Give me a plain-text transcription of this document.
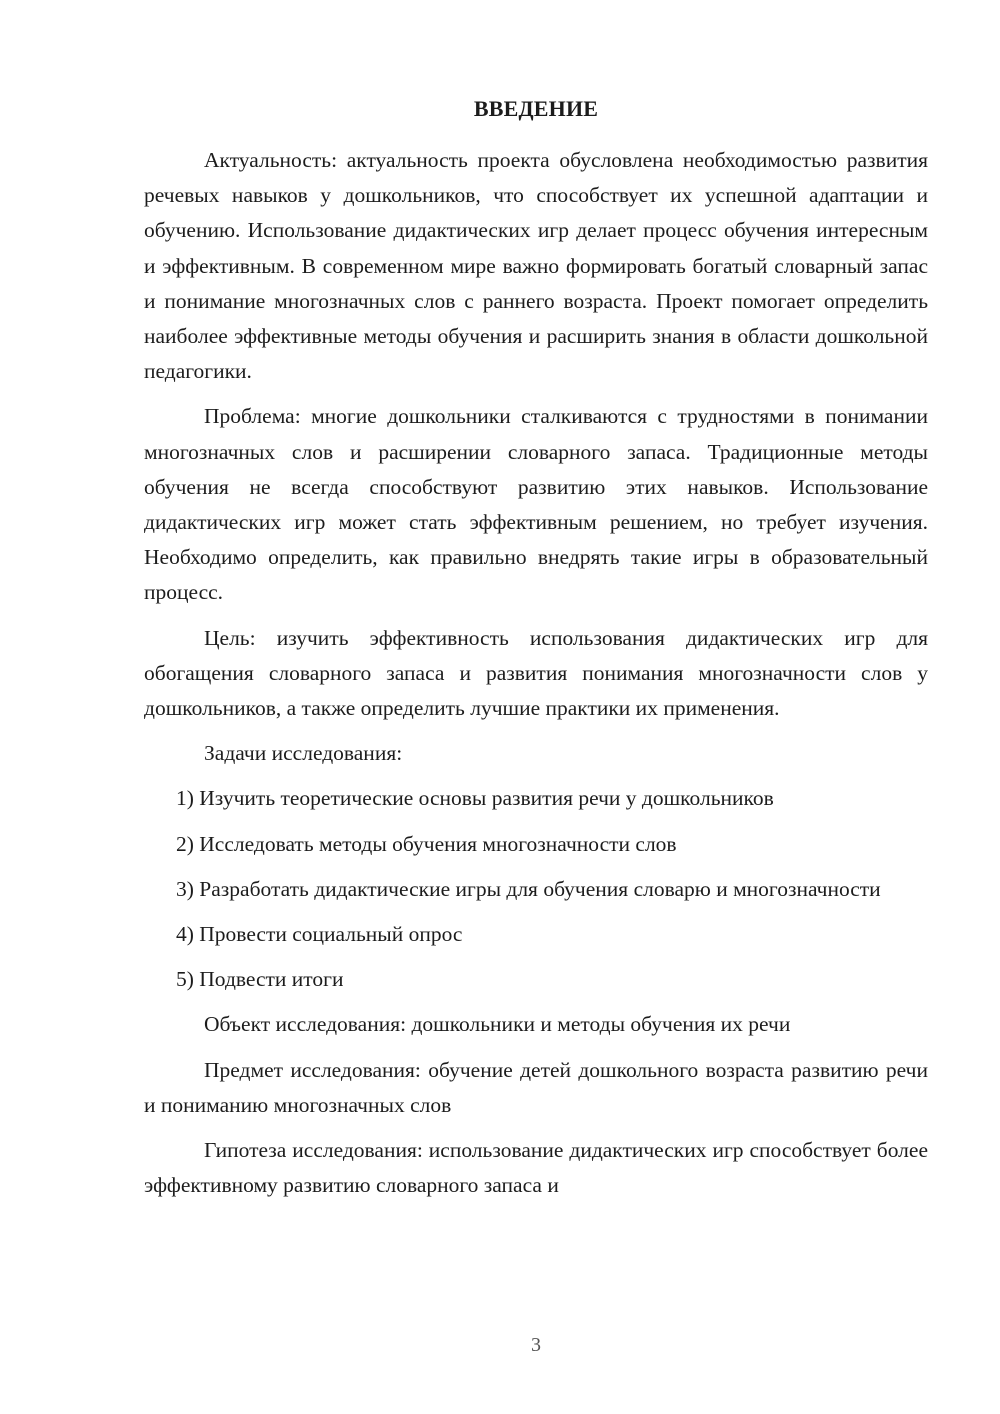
ВВЕДЕНИЕ

Актуальность: актуальность проекта обусловлена необходимостью развития речевых навыков у дошкольников, что способствует их успешной адаптации и обучению. Использование дидактических игр делает процесс обучения интересным и эффективным. В современном мире важно формировать богатый словарный запас и понимание многозначных слов с раннего возраста. Проект помогает определить наиболее эффективные методы обучения и расширить знания в области дошкольной педагогики.

Проблема: многие дошкольники сталкиваются с трудностями в понимании многозначных слов и расширении словарного запаса. Традиционные методы обучения не всегда способствуют развитию этих навыков. Использование дидактических игр может стать эффективным решением, но требует изучения. Необходимо определить, как правильно внедрять такие игры в образовательный процесс.

Цель: изучить эффективность использования дидактических игр для обогащения словарного запаса и развития понимания многозначности слов у дошкольников, а также определить лучшие практики их применения.

Задачи исследования:

1) Изучить теоретические основы развития речи у дошкольников

2) Исследовать методы обучения многозначности слов

3) Разработать дидактические игры для обучения словарю и многозначности

4) Провести социальный опрос

5) Подвести итоги

Объект исследования: дошкольники и методы обучения их речи

Предмет исследования: обучение детей дошкольного возраста развитию речи и пониманию многозначных слов

Гипотеза исследования: использование дидактических игр способствует более эффективному развитию словарного запаса и

3
